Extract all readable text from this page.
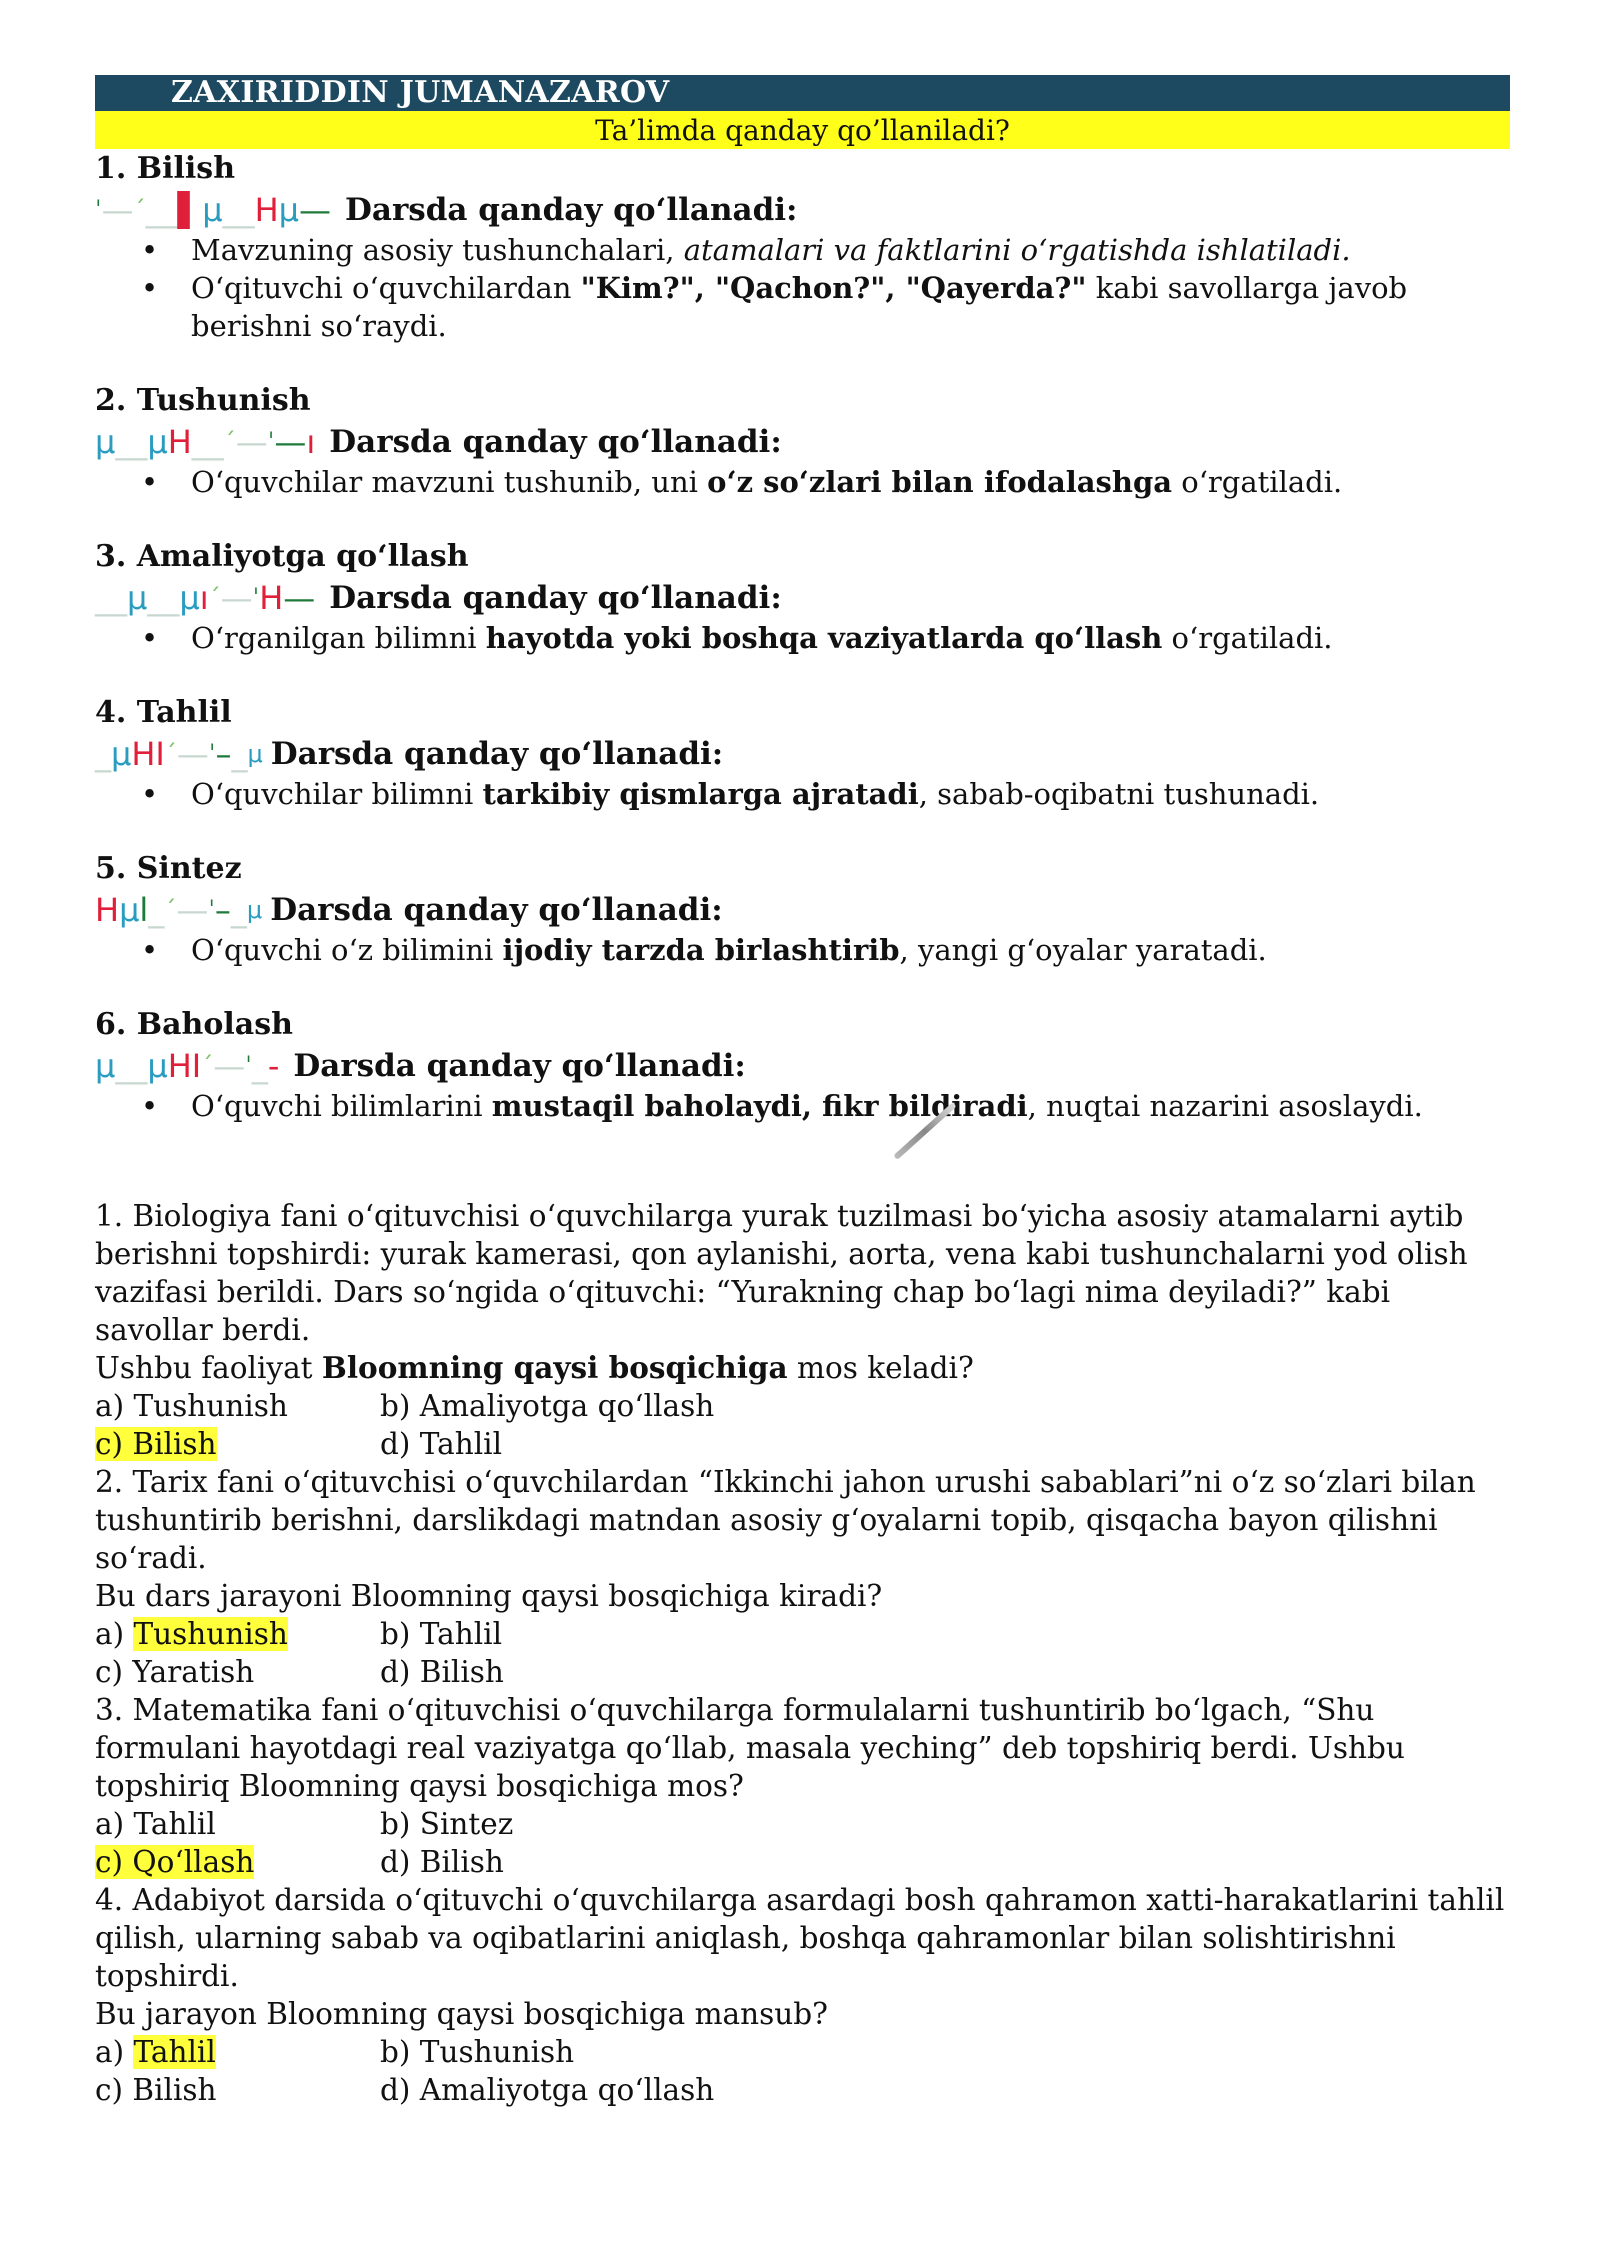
ZAXIRIDDIN JUMANAZAROV
Ta’limda qanday qo’llaniladi?

1. Bilish

ˈ — ˊ __ ▌ μ __ H μ — Darsda qanday qo‘llanadi:
• Mavzuning asosiy tushunchalari, atamalari va faktlarini o‘rgatishda ishlatiladi.
• O‘qituvchi o‘quvchilardan "Kim?", "Qachon?", "Qayerda?" kabi savollarga javob berishni so‘raydi.

2. Tushunish

μ __ μ H __ ˊ — ˈ — ı Darsda qanday qo‘llanadi:
• O‘quvchilar mavzuni tushunib, uni o‘z so‘zlari bilan ifodalashga o‘rgatiladi.

3. Amaliyotga qo‘llash

__ μ __ μ ı ˊ — ˈ H — Darsda qanday qo‘llanadi:
• O‘rganilgan bilimni hayotda yoki boshqa vaziyatlarda qo‘llash o‘rgatiladi.

4. Tahlil

_ μ HI ˊ — ˈ – _ μ Darsda qanday qo‘llanadi:
• O‘quvchilar bilimni tarkibiy qismlarga ajratadi, sabab-oqibatni tushunadi.

5. Sintez

H μ l _ ˊ — ˈ – _ μ Darsda qanday qo‘llanadi:
• O‘quvchi o‘z bilimini ijodiy tarzda birlashtirib, yangi g‘oyalar yaratadi.

6. Baholash

μ __ μ HI ˊ — ˈ _ - Darsda qanday qo‘llanadi:
• O‘quvchi bilimlarini mustaqil baholaydi, fikr bildiradi, nuqtai nazarini asoslaydi.

1. Biologiya fani o‘qituvchisi o‘quvchilarga yurak tuzilmasi bo‘yicha asosiy atamalarni aytib berishni topshirdi: yurak kamerasi, qon aylanishi, aorta, vena kabi tushunchalarni yod olish vazifasi berildi. Dars so‘ngida o‘qituvchi: “Yurakning chap bo‘lagi nima deyiladi?” kabi savollar berdi.

Ushbu faoliyat Bloomning qaysi bosqichiga mos keladi?

a) Tushunish	b) Amaliyotga qo‘llash
c) Bilish	d) Tahlil

2. Tarix fani o‘qituvchisi o‘quvchilardan “Ikkinchi jahon urushi sabablari”ni o‘z so‘zlari bilan tushuntirib berishni, darslikdagi matndan asosiy g‘oyalarni topib, qisqacha bayon qilishni so‘radi.

Bu dars jarayoni Bloomning qaysi bosqichiga kiradi?

a) Tushunish	b) Tahlil
c) Yaratish	d) Bilish

3. Matematika fani o‘qituvchisi o‘quvchilarga formulalarni tushuntirib bo‘lgach, “Shu formulani hayotdagi real vaziyatga qo‘llab, masala yeching” deb topshiriq berdi. Ushbu topshiriq Bloomning qaysi bosqichiga mos?

a) Tahlil	b) Sintez
c) Qo‘llash	d) Bilish

4. Adabiyot darsida o‘qituvchi o‘quvchilarga asardagi bosh qahramon xatti-harakatlarini tahlil qilish, ularning sabab va oqibatlarini aniqlash, boshqa qahramonlar bilan solishtirishni topshirdi.

Bu jarayon Bloomning qaysi bosqichiga mansub?

a) Tahlil	b) Tushunish
c) Bilish	d) Amaliyotga qo‘llash
